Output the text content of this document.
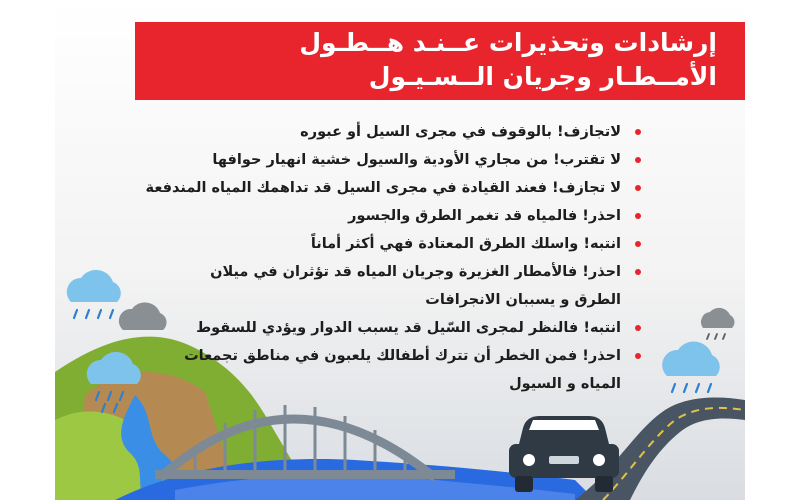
إرشادات وتحذيرات عــنـد هــطـول
الأمــطـار وجريان الــسـيـول
لاتجازف! بالوقوف في مجرى السيل أو عبوره
لا تقترب! من مجاري الأودية والسيول خشية انهيار حوافها
لا تجازف! فعند القيادة في مجرى السيل قد تداهمك المياه المندفعة
احذر! فالمياه قد تغمر الطرق والجسور
انتبه! واسلك الطرق المعتادة فهي أكثر أماناً
احذر! فالأمطار الغزيرة وجريان المياه قد تؤثران في ميلان
الطرق و يسببان الانجرافات
انتبه! فالنظر لمجرى السّيل قد يسبب الدوار ويؤدي للسقوط
احذر! فمن الخطر أن تترك أطفالك يلعبون في مناطق تجمعات
المياه و السيول
